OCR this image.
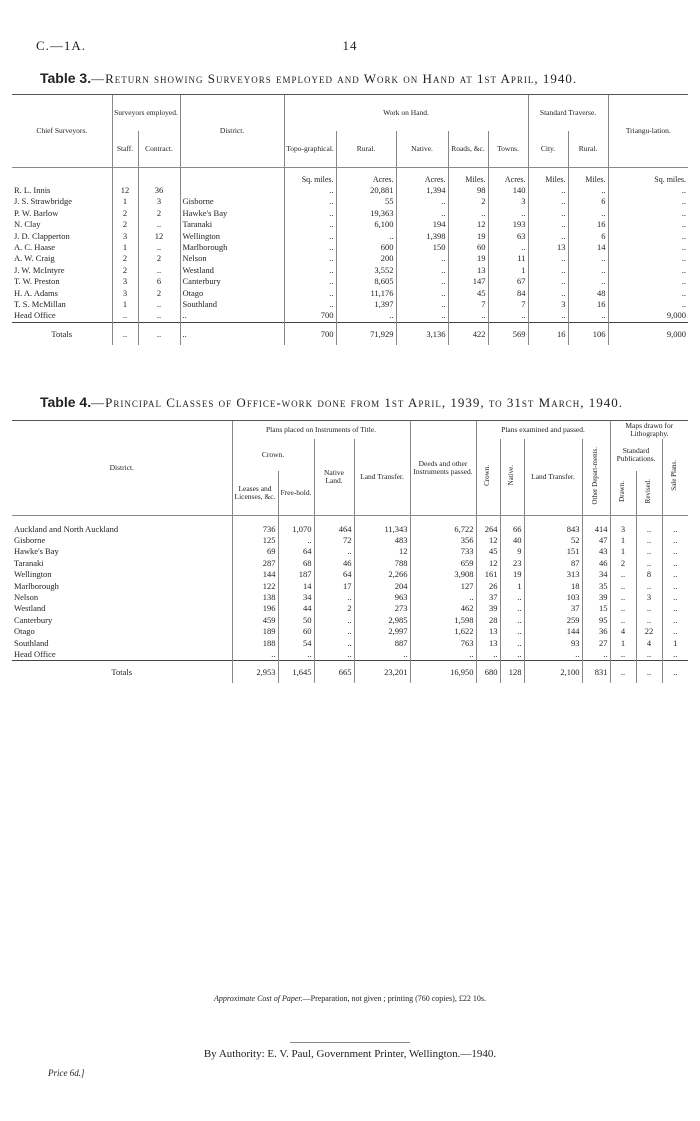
C.—1A.	14
Table 3.—Return showing Surveyors employed and Work on Hand at 1st April, 1940.
Chief Surveyors.	Surveyors employed.		District.	Work on Hand.					Standard Traverse.		Triangu-lation.
	Staff.	Contract.		Topo-graphical.	Rural.	Native.	Roads, &c.	Towns.	City.	Rural.	
				Sq. miles.	Acres.	Acres.	Miles.	Acres.	Miles.	Miles.	Sq. miles.
R. L. Innis	12	36		..	20,881	1,394	98	140	..	..	..
J. S. Strawbridge	1	3	Gisborne	..	55	..	2	3	..	6	..
P. W. Barlow	2	2	Hawke's Bay	..	19,363	..	..	..	..	..	..
N. Clay	2	..	Taranaki	..	6,100	194	12	193	..	16	..
J. D. Clapperton	3	12	Wellington	..	..	1,398	19	63	..	6	..
A. C. Haase	1	..	Marlborough	..	600	150	60	..	13	14	..
A. W. Craig	2	2	Nelson	..	200	..	19	11	..	..	..
J. W. McIntyre	2	..	Westland	..	3,552	..	13	1	..	..	..
T. W. Preston	3	6	Canterbury	..	8,605	..	147	67	..	..	..
H. A. Adams	3	2	Otago	..	11,176	..	45	84	..	48	..
T. S. McMillan	1	..	Southland	..	1,397	..	7	7	3	16	..
Head Office	..	..	..	700	..	..	..	..	..	..	9,000
Totals	..	..	..	700	71,929	3,136	422	569	16	106	9,000
Table 4.—Principal Classes of Office-work done from 1st April, 1939, to 31st March, 1940.
District.	Plans placed on Instruments of Title.				Deeds and other Instruments passed.	Plans examined and passed.				Maps drawn for Lithography.		
	Crown.		Native Land.	Land Transfer.		Crown.	Native.	Land Transfer.	Other Depart-ments.	Standard Publications.		Sale Plans.
	Leases and Licenses, &c.	Free-hold.								Drawn.	Revised.	
Auckland and North Auckland	736	1,070	464	11,343	6,722	264	66	843	414	3	..	..
Gisborne	125	..	72	483	356	12	40	52	47	1	..	..
Hawke's Bay	69	64	..	12	733	45	9	151	43	1	..	..
Taranaki	287	68	46	788	659	12	23	87	46	2	..	..
Wellington	144	187	64	2,266	3,908	161	19	313	34	..	8	..
Marlborough	122	14	17	204	127	26	1	18	35	..	..	..
Nelson	138	34	..	963	..	37	..	103	39	..	3	..
Westland	196	44	2	273	462	39	..	37	15	..	..	..
Canterbury	459	50	..	2,985	1,598	28	..	259	95	..	..	..
Otago	189	60	..	2,997	1,622	13	..	144	36	4	22	..
Southland	188	54	..	887	763	13	..	93	27	1	4	1
Head Office	..	..	..	..	..	..	..	..	..	..	..	..
Totals	2,953	1,645	665	23,201	16,950	680	128	2,100	831	..	..	..
Approximate Cost of Paper.—Preparation, not given ; printing (760 copies), £22 10s.
By Authority: E. V. Paul, Government Printer, Wellington.—1940.
Price 6d.]
